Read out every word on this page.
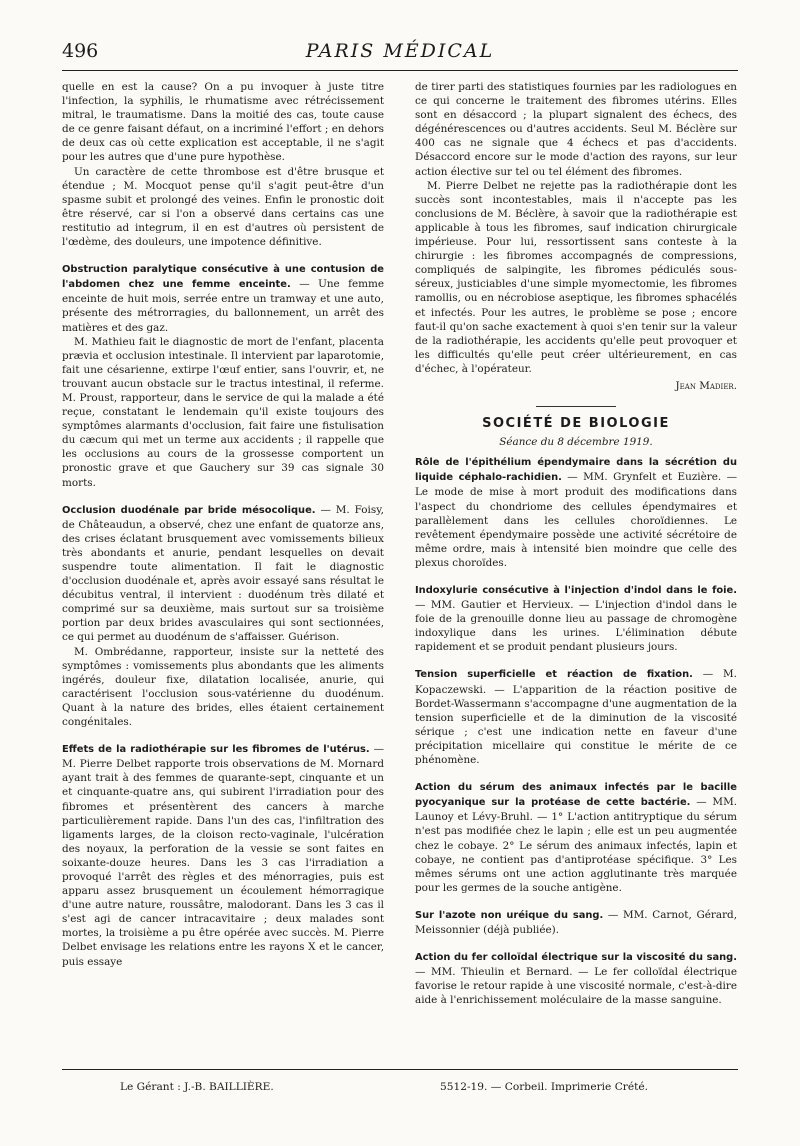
496	PARIS MÉDICAL

quelle en est la cause? On a pu invoquer à juste titre l'infection, la syphilis, le rhumatisme avec rétrécissement mitral, le traumatisme. Dans la moitié des cas, toute cause de ce genre faisant défaut, on a incriminé l'effort ; en dehors de deux cas où cette explication est acceptable, il ne s'agit pour les autres que d'une pure hypothèse.

Un caractère de cette thrombose est d'être brusque et étendue ; M. Mocquot pense qu'il s'agit peut-être d'un spasme subit et prolongé des veines. Enfin le pronostic doit être réservé, car si l'on a observé dans certains cas une restitutio ad integrum, il en est d'autres où persistent de l'œdème, des douleurs, une impotence définitive.

Obstruction paralytique consécutive à une contusion de l'abdomen chez une femme enceinte. — Une femme enceinte de huit mois, serrée entre un tramway et une auto, présente des métrorragies, du ballonnement, un arrêt des matières et des gaz.

M. Mathieu fait le diagnostic de mort de l'enfant, placenta prævia et occlusion intestinale. Il intervient par laparotomie, fait une césarienne, extirpe l'œuf entier, sans l'ouvrir, et, ne trouvant aucun obstacle sur le tractus intestinal, il referme. M. Proust, rapporteur, dans le service de qui la malade a été reçue, constatant le lendemain qu'il existe toujours des symptômes alarmants d'occlusion, fait faire une fistulisation du cæcum qui met un terme aux accidents ; il rappelle que les occlusions au cours de la grossesse comportent un pronostic grave et que Gauchery sur 39 cas signale 30 morts.

Occlusion duodénale par bride mésocolique. — M. Foisy, de Châteaudun, a observé, chez une enfant de quatorze ans, des crises éclatant brusquement avec vomissements bilieux très abondants et anurie, pendant lesquelles on devait suspendre toute alimentation. Il fait le diagnostic d'occlusion duodénale et, après avoir essayé sans résultat le décubitus ventral, il intervient : duodénum très dilaté et comprimé sur sa deuxième, mais surtout sur sa troisième portion par deux brides avasculaires qui sont sectionnées, ce qui permet au duodénum de s'affaisser. Guérison.

M. Ombrédanne, rapporteur, insiste sur la netteté des symptômes : vomissements plus abondants que les aliments ingérés, douleur fixe, dilatation localisée, anurie, qui caractérisent l'occlusion sous-vatérienne du duodénum. Quant à la nature des brides, elles étaient certainement congénitales.

Effets de la radiothérapie sur les fibromes de l'utérus. — M. Pierre Delbet rapporte trois observations de M. Mornard ayant trait à des femmes de quarante-sept, cinquante et un et cinquante-quatre ans, qui subirent l'irradiation pour des fibromes et présentèrent des cancers à marche particulièrement rapide. Dans l'un des cas, l'infiltration des ligaments larges, de la cloison recto-vaginale, l'ulcération des noyaux, la perforation de la vessie se sont faites en soixante-douze heures. Dans les 3 cas l'irradiation a provoqué l'arrêt des règles et des ménorragies, puis est apparu assez brusquement un écoulement hémorragique d'une autre nature, roussâtre, malodorant. Dans les 3 cas il s'est agi de cancer intracavitaire ; deux malades sont mortes, la troisième a pu être opérée avec succès. M. Pierre Delbet envisage les relations entre les rayons X et le cancer, puis essaye

de tirer parti des statistiques fournies par les radiologues en ce qui concerne le traitement des fibromes utérins. Elles sont en désaccord ; la plupart signalent des échecs, des dégénérescences ou d'autres accidents. Seul M. Béclère sur 400 cas ne signale que 4 échecs et pas d'accidents. Désaccord encore sur le mode d'action des rayons, sur leur action élective sur tel ou tel élément des fibromes.

M. Pierre Delbet ne rejette pas la radiothérapie dont les succès sont incontestables, mais il n'accepte pas les conclusions de M. Béclère, à savoir que la radiothérapie est applicable à tous les fibromes, sauf indication chirurgicale impérieuse. Pour lui, ressortissent sans conteste à la chirurgie : les fibromes accompagnés de compressions, compliqués de salpingite, les fibromes pédiculés sous-séreux, justiciables d'une simple myomectomie, les fibromes ramollis, ou en nécrobiose aseptique, les fibromes sphacélés et infectés. Pour les autres, le problème se pose ; encore faut-il qu'on sache exactement à quoi s'en tenir sur la valeur de la radiothérapie, les accidents qu'elle peut provoquer et les difficultés qu'elle peut créer ultérieurement, en cas d'échec, à l'opérateur.

Jean Madier.

SOCIÉTÉ DE BIOLOGIE
Séance du 8 décembre 1919.

Rôle de l'épithélium épendymaire dans la sécrétion du liquide céphalo-rachidien. — MM. Grynfelt et Euzière. — Le mode de mise à mort produit des modifications dans l'aspect du chondriome des cellules épendymaires et parallèlement dans les cellules choroïdiennes. Le revêtement épendymaire possède une activité sécrétoire de même ordre, mais à intensité bien moindre que celle des plexus choroïdes.

Indoxylurie consécutive à l'injection d'indol dans le foie. — MM. Gautier et Hervieux. — L'injection d'indol dans le foie de la grenouille donne lieu au passage de chromogène indoxylique dans les urines. L'élimination débute rapidement et se produit pendant plusieurs jours.

Tension superficielle et réaction de fixation. — M. Kopaczewski. — L'apparition de la réaction positive de Bordet-Wassermann s'accompagne d'une augmentation de la tension superficielle et de la diminution de la viscosité sérique ; c'est une indication nette en faveur d'une précipitation micellaire qui constitue le mérite de ce phénomène.

Action du sérum des animaux infectés par le bacille pyocyanique sur la protéase de cette bactérie. — MM. Launoy et Lévy-Bruhl. — 1° L'action antitryptique du sérum n'est pas modifiée chez le lapin ; elle est un peu augmentée chez le cobaye. 2° Le sérum des animaux infectés, lapin et cobaye, ne contient pas d'antiprotéase spécifique. 3° Les mêmes sérums ont une action agglutinante très marquée pour les germes de la souche antigène.

Sur l'azote non uréique du sang. — MM. Carnot, Gérard, Meissonnier (déjà publiée).

Action du fer colloïdal électrique sur la viscosité du sang. — MM. Thieulin et Bernard. — Le fer colloïdal électrique favorise le retour rapide à une viscosité normale, c'est-à-dire aide à l'enrichissement moléculaire de la masse sanguine.

Le Gérant : J.-B. BAILLIÈRE.	5512-19. — Corbeil. Imprimerie Crété.
